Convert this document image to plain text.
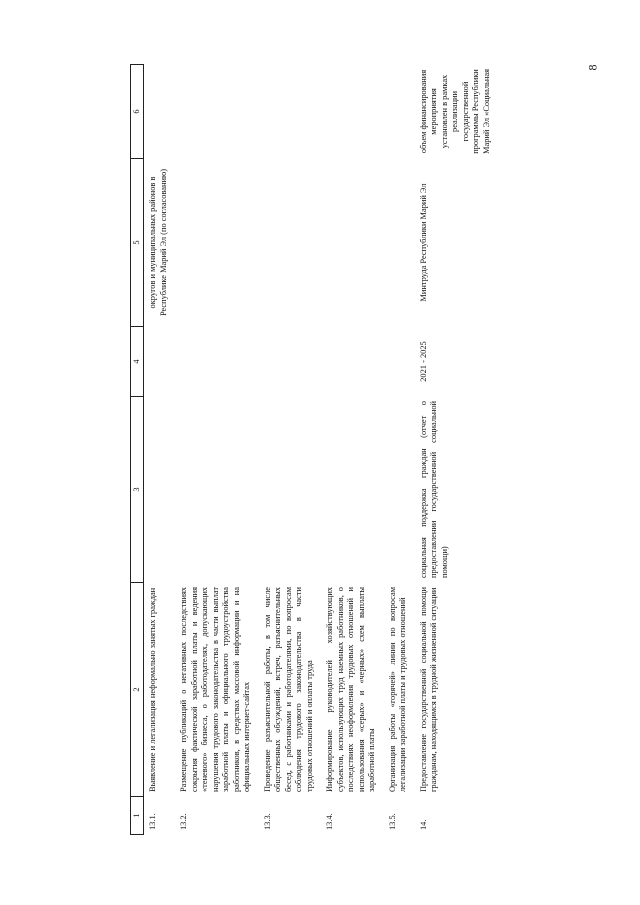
8
1	2	3	4	5	6
13.1.	Выявление и легализация неформально занятых граждан			округов и муниципальных районов в Республике Марий Эл (по согласованию)	
13.2.	Размещение публикаций о негативных последствиях сокрытия фактической заработной платы и ведения «теневого» бизнеса, о работодателях, допускающих нарушения трудового законодательства в части выплат заработной платы и официального трудоустройства работников, в средствах массовой информации и на официальных интернет-сайтах				
13.3.	Проведение разъяснительной работы, в том числе общественных обсуждений, встреч, разъяснительных бесед, с работниками и работодателями, по вопросам соблюдения трудового законодательства в части трудовых отношений и оплаты труда				
13.4.	Информирование руководителей хозяйствующих субъектов, использующих труд наемных работников, о последствиях неоформления трудовых отношений и использования «серых» и «черных» схем выплаты заработной платы				
13.5.	Организация работы «горячей» линии по вопросам легализации заработной платы и трудовых отношений				
14.	Предоставление государственной социальной помощи гражданам, находящимся в трудной жизненной ситуации	социальная поддержка граждан (отчет о предоставлении государственной социальной помощи)	2021 - 2025	Минтруда Республики Марий Эл	объем финансирования мероприятия установлен в рамках реализации государственной программы Республики Марий Эл «Социальная
